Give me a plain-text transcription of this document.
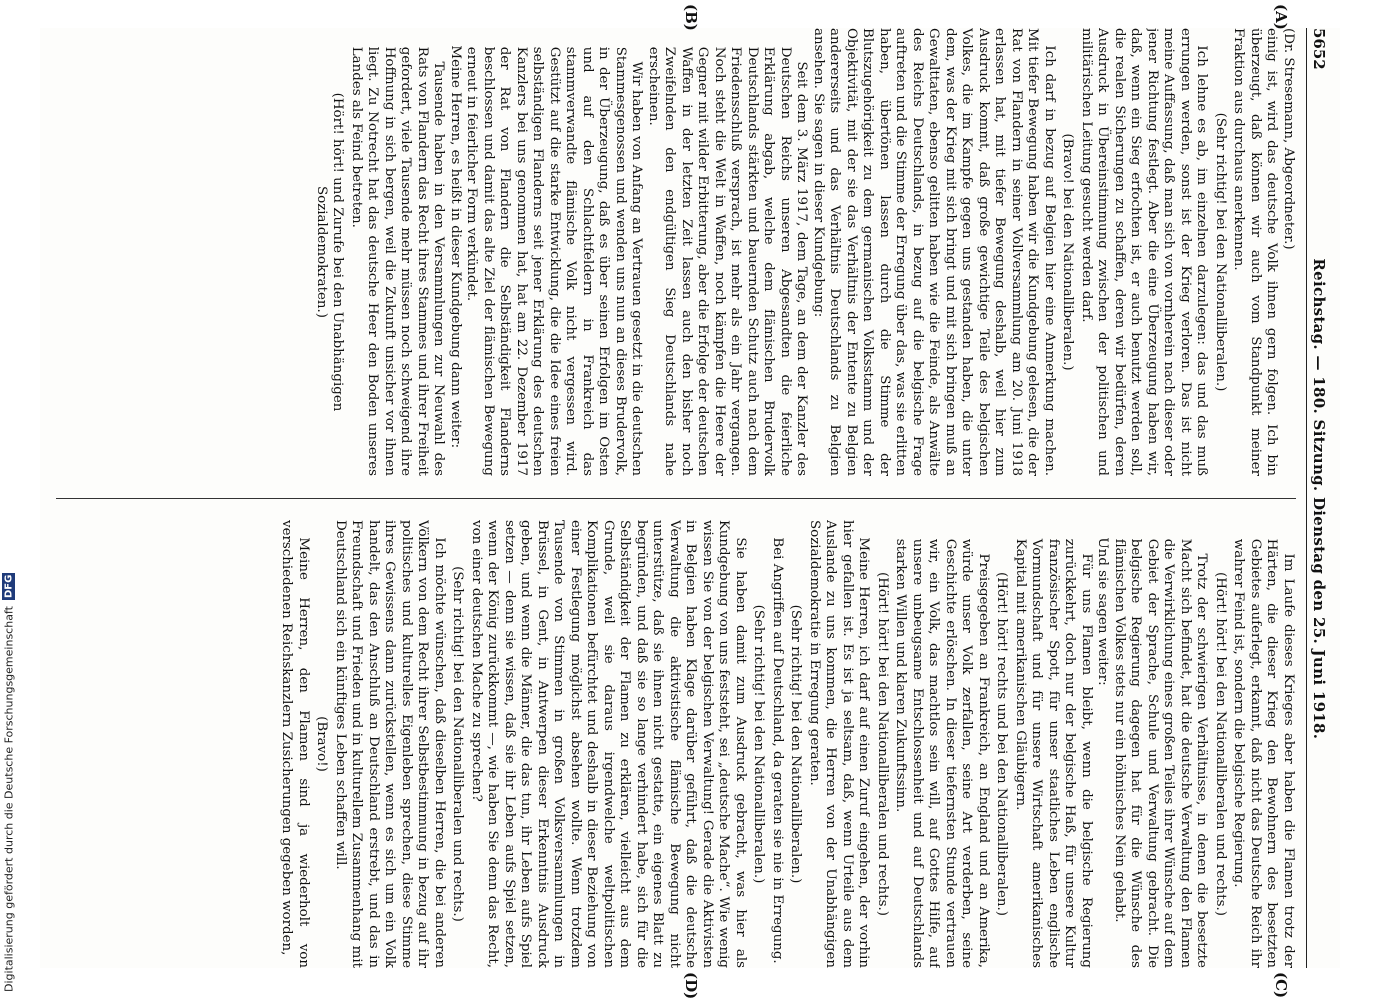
Digitalisierung gefördert durch die Deutsche Forschungsgemeinschaft
DFG
5652
Reichstag. — 180. Sitzung. Dienstag den 25. Juni 1918.
(A)
(B)
(C)
(D)

(Dr. Stresemann, Abgeordneter.)

einig ist, wird das deutsche Volk ihnen gern folgen. Ich bin überzeugt, daß können wir auch vom Standpunkt meiner Fraktion aus durchaus anerkennen.

(Sehr richtig! bei den Nationalliberalen.)

Ich lehne es ab, im einzelnen darzulegen: das und das muß errungen werden, sonst ist der Krieg verloren. Das ist nicht meine Auffassung, daß man sich von vornherein nach dieser oder jener Richtung festlegt. Aber die eine Überzeugung haben wir, daß, wenn ein Sieg erfochten ist, er auch benutzt werden soll, die realen Sicherungen zu schaffen, deren wir bedürfen, deren Ausdruck in Übereinstimmung zwischen der politischen und militärischen Leitung gesucht werden darf.

(Bravo! bei den Nationalliberalen.)

Ich darf in bezug auf Belgien hier eine Anmerkung machen. Mit tiefer Bewegung haben wir die Kundgebung gelesen, die der Rat von Flandern in seiner Vollversammlung am 20. Juni 1918 erlassen hat, mit tiefer Bewegung deshalb, weil hier zum Ausdruck kommt, daß große gewichtige Teile des belgischen Volkes, die im Kampfe gegen uns gestanden haben, die unter dem, was der Krieg mit sich bringt und mit sich bringen muß an Gewalttaten, ebenso gelitten haben wie die Feinde, als Anwälte des Reichs Deutschlands, in bezug auf die belgische Frage auftreten und die Stimme der Erregung über das, was sie erlitten haben, übertönen lassen durch die Stimme der Blutszugehörigkeit zu dem germanischen Volksstamm und der Objektivität, mit der sie das Verhältnis der Entente zu Belgien andererseits und das Verhältnis Deutschlands zu Belgien ansehen. Sie sagen in dieser Kundgebung:

Seit dem 3. März 1917, dem Tage, an dem der Kanzler des Deutschen Reichs unseren Abgesandten die feierliche Erklärung abgab, welche dem flämischen Brudervolk Deutschlands stärkten und bauernden Schutz auch nach dem Friedensschluß versprach, ist mehr als ein Jahr vergangen. Noch steht die Welt in Waffen, noch kämpfen die Heere der Gegner mit wilder Erbitterung, aber die Erfolge der deutschen Waffen in der letzten Zeit lassen auch den bisher noch Zweifelnden den endgültigen Sieg Deutschlands nahe erscheinen.

Wir haben von Anfang an Vertrauen gesetzt in die deutschen Stammesgenossen und wenden uns nun an dieses Brudervolk, in der Überzeugung, daß es über seinen Erfolgen im Osten und auf den Schlachtfeldern in Frankreich das stammverwandte flämische Volk nicht vergessen wird. Gestützt auf die starke Entwicklung, die die Idee eines freien selbständigen Flanderns seit jener Erklärung des deutschen Kanzlers bei uns genommen hat, hat am 22. Dezember 1917 der Rat von Flandern die Selbständigkeit Flanderns beschlossen und damit das alte Ziel der flämischen Bewegung erneut in feierlicher Form verkündet.

Meine Herren, es heißt in dieser Kundgebung dann weiter:

Tausende haben in den Versammlungen zur Neuwahl des Rats von Flandern das Recht ihres Stammes und ihrer Freiheit gefordert, viele Tausende mehr müssen noch schweigend ihre Hoffnung in sich bergen, weil die Zukunft unsicher vor ihnen liegt. Zu Notrecht hat das deutsche Heer den Boden unseres Landes als Feind betreten.

(Hört! hört! und Zurufe bei den Unabhängigen Sozialdemokraten.)

Im Laufe dieses Krieges aber haben die Flamen trotz der Härten, die dieser Krieg den Bewohnern des besetzten Gebietes auferlegt, erkannt, daß nicht das Deutsche Reich ihr wahrer Feind ist, sondern die belgische Regierung.

(Hört! hört! bei den Nationalliberalen und rechts.)

Trotz der schwierigen Verhältnisse, in denen die besetzte Macht sich befindet, hat die deutsche Verwaltung den Flamen die Verwirklichung eines großen Teiles ihrer Wünsche auf dem Gebiet der Sprache, Schule und Verwaltung gebracht. Die belgische Regierung dagegen hat für die Wünsche des flämischen Volkes stets nur ein höhnisches Nein gehabt.

Und sie sagen weiter:

Für uns Flamen bleibt, wenn die belgische Regierung zurückkehrt, doch nur der belgische Haß, für unsere Kultur französischer Spott, für unser staatliches Leben englische Vormundschaft und für unsere Wirtschaft amerikanisches Kapital mit amerikanischen Gläubigern.

(Hört! hört! rechts und bei den Nationalliberalen.)

Preisgegeben an Frankreich, an England und an Amerika, würde unser Volk zerfallen, seine Art verderben, seine Geschichte erlöschen. In dieser tiefernsten Stunde vertrauen wir, ein Volk, das machtlos sein will, auf Gottes Hilfe, auf unsere unbeugsame Entschlossenheit und auf Deutschlands starken Willen und klaren Zukunftssinn.

(Hört! hört! bei den Nationalliberalen und rechts.)

Meine Herren, ich darf auf einen Zuruf eingehen, der vorhin hier gefallen ist. Es ist ja seltsam, daß, wenn Urteile aus dem Auslande zu uns kommen, die Herren von der Unabhängigen Sozialdemokratie in Erregung geraten.

(Sehr richtig! bei den Nationalliberalen.)

Bei Angriffen auf Deutschland, da geraten sie nie in Erregung.

(Sehr richtig! bei den Nationalliberalen.)

Sie haben damit zum Ausdruck gebracht, was hier als Kundgebung von uns feststeht, sei „deutsche Mache“. Wie wenig wissen Sie von der belgischen Verwaltung! Gerade die Aktivisten in Belgien haben Klage darüber geführt, daß die deutsche Verwaltung die aktivistische flämische Bewegung nicht unterstütze, daß sie ihnen nicht gestatte, ein eigenes Blatt zu begründen, und daß sie so lange verhindert habe, sich für die Selbständigkeit der Flamen zu erklären, vielleicht aus dem Grunde, weil sie daraus irgendwelche weltpolitischen Komplikationen befürchtet und deshalb in dieser Beziehung von einer Festlegung möglichst absehen wollte. Wenn trotzdem Tausende von Stimmen in großen Volksversammlungen in Brüssel, in Gent, in Antwerpen dieser Erkenntnis Ausdruck geben, und wenn die Männer, die das tun, ihr Leben aufs Spiel setzen — denn sie wissen, daß sie ihr Leben aufs Spiel setzen, wenn der König zurückkommt —, wie haben Sie denn das Recht, von einer deutschen Mache zu sprechen?

(Sehr richtig! bei den Nationalliberalen und rechts.)

Ich möchte wünschen, daß dieselben Herren, die bei anderen Völkern von dem Recht ihrer Selbstbestimmung in bezug auf ihr politisches und kulturelles Eigenleben sprechen, diese Stimme ihres Gewissens dann zurückstellen, wenn es sich um ein Volk handelt, das den Anschluß an Deutschland erstrebt, und das in Freundschaft und Frieden und in kulturellem Zusammenhang mit Deutschland sich ein künftiges Leben schaffen will.

(Bravo!)

Meine Herren, den Flamen sind ja wiederholt von verschiedenen Reichskanzlern Zusicherungen gegeben worden,
